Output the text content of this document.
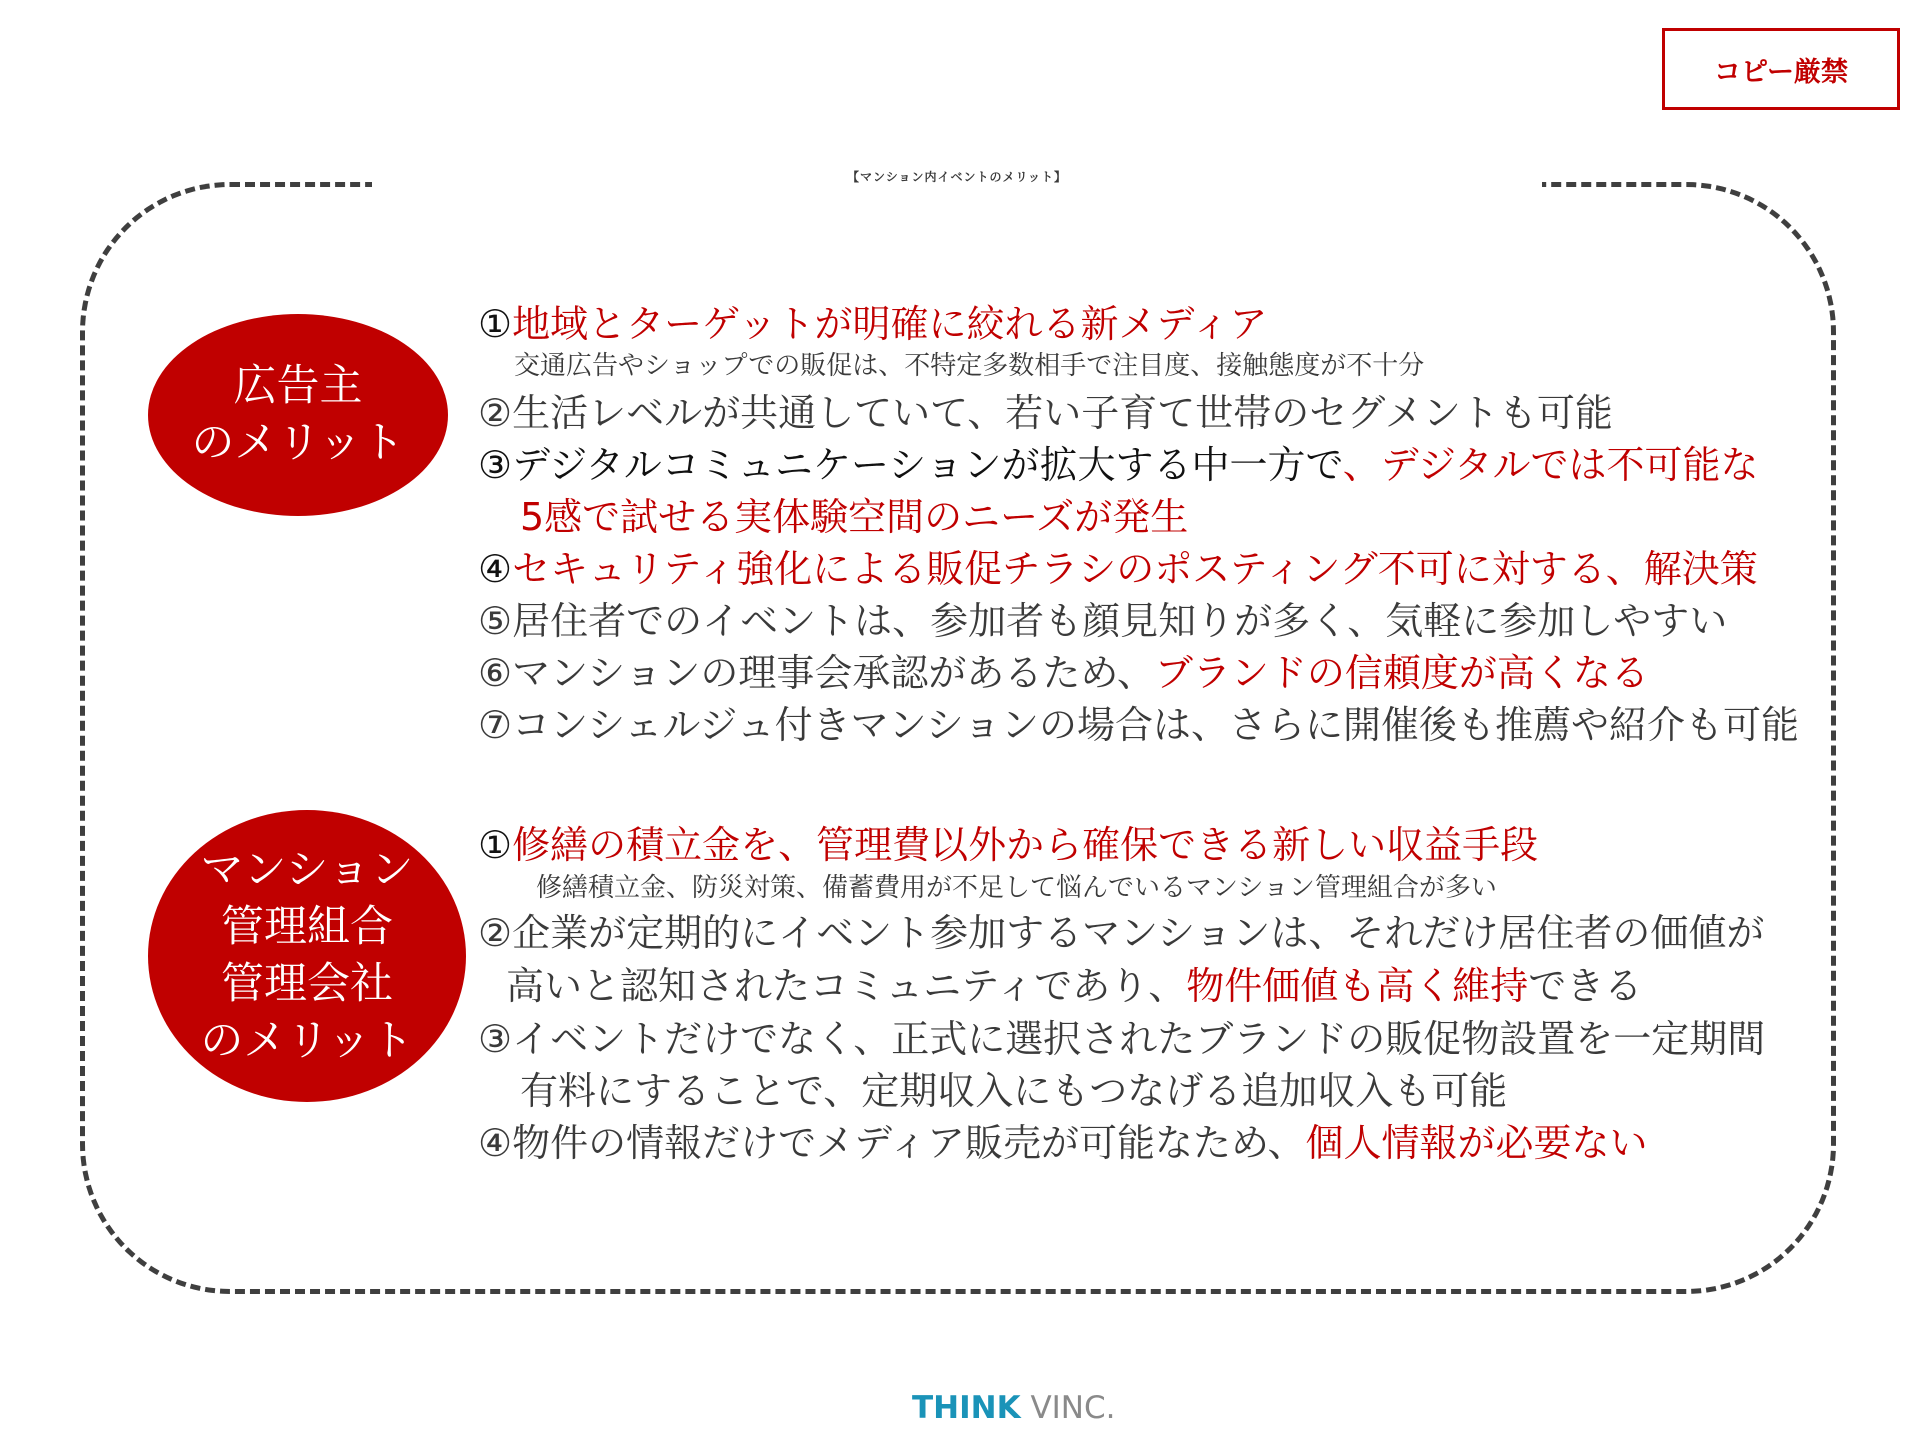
コピー厳禁
【マンション内イベントのメリット】
広告主
のメリット
①地域とターゲットが明確に絞れる新メディア
交通広告やショップでの販促は、不特定多数相手で注目度、接触態度が不十分
②生活レベルが共通していて、若い子育て世帯のセグメントも可能
③デジタルコミュニケーションが拡大する中一方で、デジタルでは不可能な
5感で試せる実体験空間のニーズが発生
④セキュリティ強化による販促チラシのポスティング不可に対する、解決策
⑤居住者でのイベントは、参加者も顔見知りが多く、気軽に参加しやすい
⑥マンションの理事会承認があるため、ブランドの信頼度が高くなる
⑦コンシェルジュ付きマンションの場合は、さらに開催後も推薦や紹介も可能
マンション
管理組合
管理会社
のメリット
①修繕の積立金を、管理費以外から確保できる新しい収益手段
修繕積立金、防災対策、備蓄費用が不足して悩んでいるマンション管理組合が多い
②企業が定期的にイベント参加するマンションは、それだけ居住者の価値が
高いと認知されたコミュニティであり、物件価値も高く維持できる
③イベントだけでなく、正式に選択されたブランドの販促物設置を一定期間
有料にすることで、定期収入にもつなげる追加収入も可能
④物件の情報だけでメディア販売が可能なため、個人情報が必要ない
THINK VINC.
